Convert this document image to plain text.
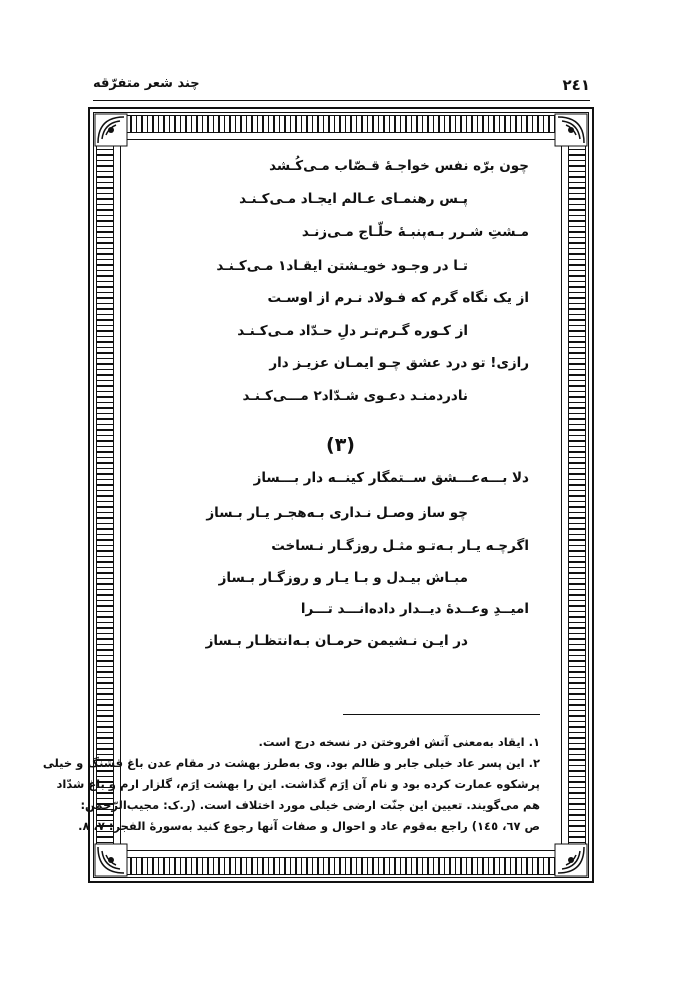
چند شعر متفرّقه	۲٤۱
چون برّه نفس خواجـهٔ قـصّاب مـی‌کُـشد
پـس رهنمـای عـالم ایجـاد مـی‌کـنـد
مـشتِ شـرر بـه‌پنبـهٔ حلّـاج مـی‌زنـد
تـا در وجـود خویـشتن ایقـاد۱ مـی‌کـنـد
از یک نگاه گرم که فـولاد نـرم از اوسـت
از کـوره گـرم‌تـر دلِ حـدّاد مـی‌کـنـد
رازی! تو درد عشق چـو ایمـان عزیـز دار
نادردمنـد دعـوی شـدّاد۲ مـــی‌کـنـد
(۳)
دلا بـــه‌عـــشق ســتمگار کینــه دار بـــساز
چو ساز وصـل نـداری بـه‌هجـر یـار بـساز
اگرچـه یـار بـه‌تـو مثـل روزگـار نـساخت
مبـاش بیـدل و بـا یـار و روزگـار بـساز
امیــدِ وعــدهٔ دیــدار داده‌انـــد تـــرا
در ایـن نـشیمن حرمـان بـه‌انتظـار بـساز
۱. ایقاد به‌معنی آتش افروختن در نسخه درج است.
۲. این پسر عاد خیلی جابر و ظالم بود. وی به‌طرز بهشت در مقام عدن باغ قشنگ و خیلی
پرشکوه عمارت کرده بود و نام آن اِرَم گذاشت. این را بهشت اِرَم، گلزار ارم و باغ شدّاد
هم می‌گویند. تعیین این جنّت ارضی خیلی مورد اختلاف است. (ر.ک: مجیب‌الرّحمن:
ص ٦٧، ١٤٥) راجع به‌قوم عاد و احوال و صفات آنها رجوع کنید به‌سورهٔ الفجر: ۷، ۸.
